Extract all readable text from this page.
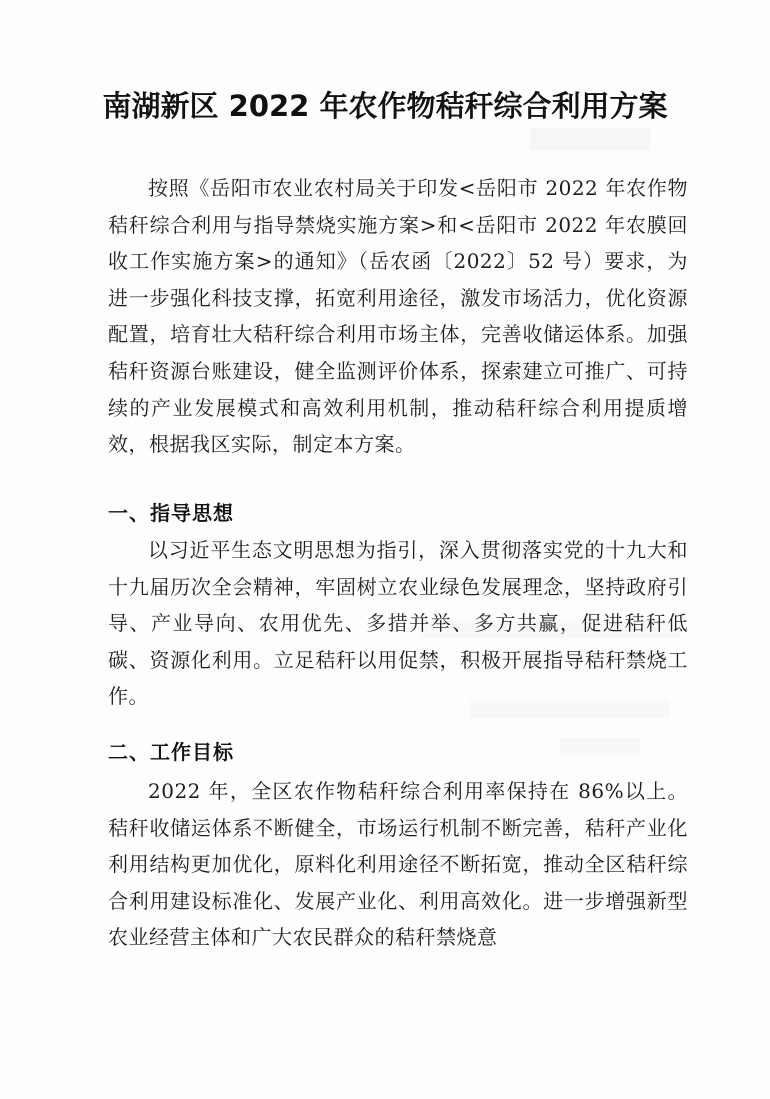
南湖新区 2022 年农作物秸秆综合利用方案

按照《岳阳市农业农村局关于印发<岳阳市 2022 年农作物秸秆综合利用与指导禁烧实施方案>和<岳阳市 2022 年农膜回收工作实施方案>的通知》（岳农函〔2022〕52 号）要求，为进一步强化科技支撑，拓宽利用途径，激发市场活力，优化资源配置，培育壮大秸秆综合利用市场主体，完善收储运体系。加强秸秆资源台账建设，健全监测评价体系，探索建立可推广、可持续的产业发展模式和高效利用机制，推动秸秆综合利用提质增效，根据我区实际，制定本方案。

一、指导思想

以习近平生态文明思想为指引，深入贯彻落实党的十九大和十九届历次全会精神，牢固树立农业绿色发展理念，坚持政府引导、产业导向、农用优先、多措并举、多方共赢，促进秸秆低碳、资源化利用。立足秸秆以用促禁，积极开展指导秸秆禁烧工作。

二、工作目标

2022 年，全区农作物秸秆综合利用率保持在 86%以上。秸秆收储运体系不断健全，市场运行机制不断完善，秸秆产业化利用结构更加优化，原料化利用途径不断拓宽，推动全区秸秆综合利用建设标准化、发展产业化、利用高效化。进一步增强新型农业经营主体和广大农民群众的秸秆禁烧意
